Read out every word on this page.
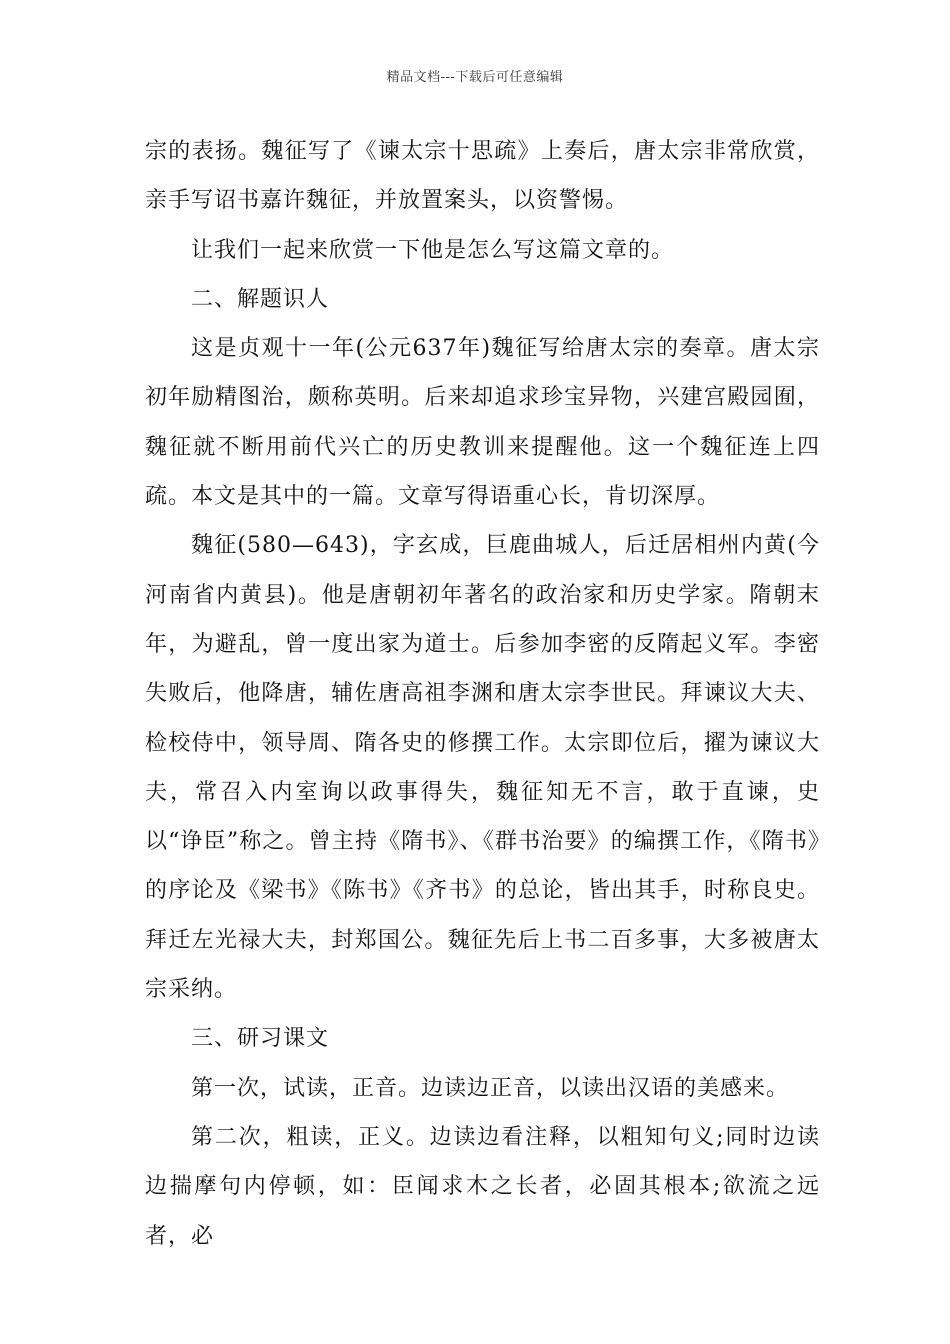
精品文档---下载后可任意编辑

宗的表扬。魏征写了《谏太宗十思疏》上奏后，唐太宗非常欣赏，亲手写诏书嘉许魏征，并放置案头，以资警惕。

让我们一起来欣赏一下他是怎么写这篇文章的。

二、解题识人

这是贞观十一年(公元637年)魏征写给唐太宗的奏章。唐太宗初年励精图治，颇称英明。后来却追求珍宝异物，兴建宫殿园囿，魏征就不断用前代兴亡的历史教训来提醒他。这一个魏征连上四疏。本文是其中的一篇。文章写得语重心长，肯切深厚。

魏征(580—643)，字玄成，巨鹿曲城人，后迁居相州内黄(今河南省内黄县)。他是唐朝初年著名的政治家和历史学家。隋朝末年，为避乱，曾一度出家为道士。后参加李密的反隋起义军。李密失败后，他降唐，辅佐唐高祖李渊和唐太宗李世民。拜谏议大夫、检校侍中，领导周、隋各史的修撰工作。太宗即位后，擢为谏议大夫，常召入内室询以政事得失，魏征知无不言，敢于直谏，史以“诤臣”称之。曾主持《隋书》、《群书治要》的编撰工作，《隋书》的序论及《梁书》《陈书》《齐书》的总论，皆出其手，时称良史。拜迁左光禄大夫，封郑国公。魏征先后上书二百多事，大多被唐太宗采纳。

三、研习课文

第一次，试读，正音。边读边正音，以读出汉语的美感来。

第二次，粗读，正义。边读边看注释，以粗知句义;同时边读边揣摩句内停顿，如：臣闻求木之长者，必固其根本;欲流之远者，必
